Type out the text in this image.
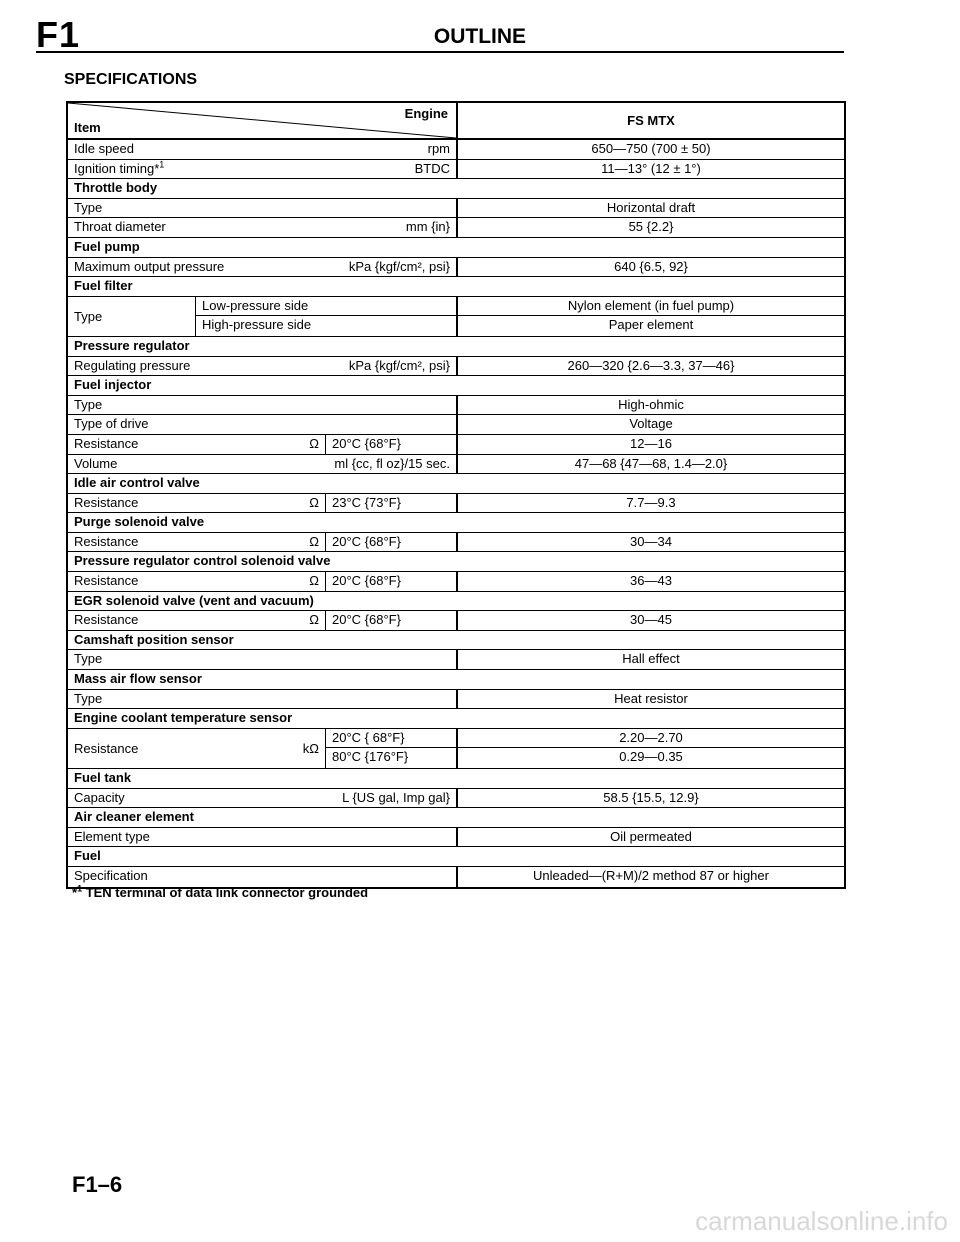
F1	OUTLINE
SPECIFICATIONS
Engine
Item	FS MTX
Idle speed	rpm	650—750 (700 ± 50)
Ignition timing*$^1$	BTDC	11—13° (12 ± 1°)
Throttle body
Type	Horizontal draft
Throat diameter	mm {in}	55 {2.2}
Fuel pump
Maximum output pressure	kPa {kgf/cm², psi}	640 {6.5, 92}
Fuel filter
Type
Low-pressure side	Nylon element (in fuel pump)
High-pressure side	Paper element
Pressure regulator
Regulating pressure	kPa {kgf/cm², psi}	260—320 {2.6—3.3, 37—46}
Fuel injector
Type	High-ohmic
Type of drive	Voltage
Resistance	Ω	20°C {68°F}	12—16
Volume	ml {cc, fl oz}/15 sec.	47—68 {47—68, 1.4—2.0}
Idle air control valve
Resistance	Ω	23°C {73°F}	7.7—9.3
Purge solenoid valve
Resistance	Ω	20°C {68°F}	30—34
Pressure regulator control solenoid valve
Resistance	Ω	20°C {68°F}	36—43
EGR solenoid valve (vent and vacuum)
Resistance	Ω	20°C {68°F}	30—45
Camshaft position sensor
Type	Hall effect
Mass air flow sensor
Type	Heat resistor
Engine coolant temperature sensor
Resistance	kΩ
20°C { 68°F}	2.20—2.70
80°C {176°F}	0.29—0.35
Fuel tank
Capacity	L {US gal, Imp gal}	58.5 {15.5, 12.9}
Air cleaner element
Element type	Oil permeated
Fuel
Specification	Unleaded—(R+M)/2 method 87 or higher
*$^1$ TEN terminal of data link connector grounded
F1–6
carmanualsonline.info
